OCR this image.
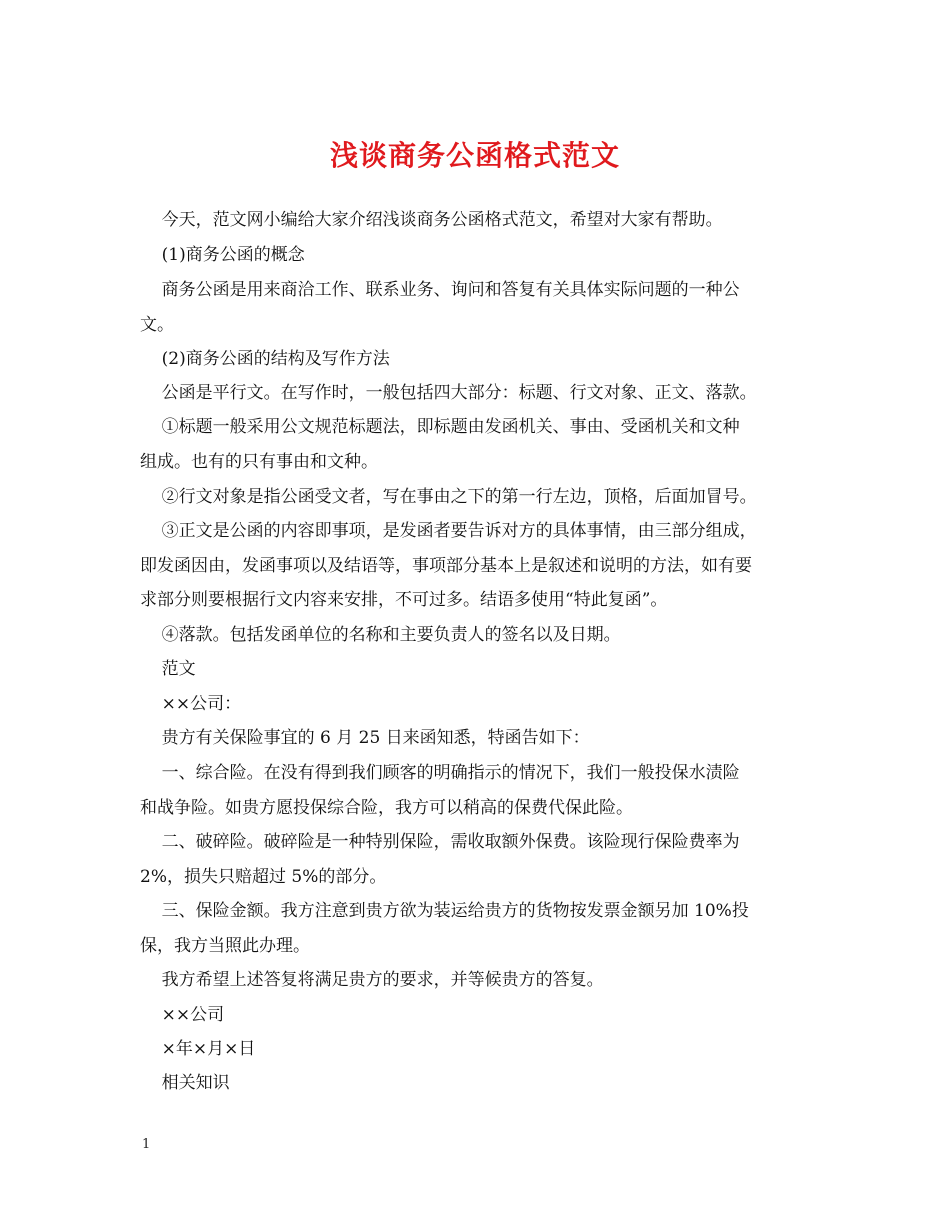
浅谈商务公函格式范文
今天，范文网小编给大家介绍浅谈商务公函格式范文，希望对大家有帮助。
(1)商务公函的概念
商务公函是用来商洽工作、联系业务、询问和答复有关具体实际问题的一种公
文。
(2)商务公函的结构及写作方法
公函是平行文。在写作时，一般包括四大部分：标题、行文对象、正文、落款。
①标题一般采用公文规范标题法，即标题由发函机关、事由、受函机关和文种
组成。也有的只有事由和文种。
②行文对象是指公函受文者，写在事由之下的第一行左边，顶格，后面加冒号。
③正文是公函的内容即事项，是发函者要告诉对方的具体事情，由三部分组成，
即发函因由，发函事项以及结语等，事项部分基本上是叙述和说明的方法，如有要
求部分则要根据行文内容来安排，不可过多。结语多使用“特此复函”。
④落款。包括发函单位的名称和主要负责人的签名以及日期。
范文
××公司：
贵方有关保险事宜的 6 月 25 日来函知悉，特函告如下：
一、综合险。在没有得到我们顾客的明确指示的情况下，我们一般投保水渍险
和战争险。如贵方愿投保综合险，我方可以稍高的保费代保此险。
二、破碎险。破碎险是一种特别保险，需收取额外保费。该险现行保险费率为
2%，损失只赔超过 5%的部分。
三、保险金额。我方注意到贵方欲为装运给贵方的货物按发票金额另加 10%投
保，我方当照此办理。
我方希望上述答复将满足贵方的要求，并等候贵方的答复。
××公司
×年×月×日
相关知识
1
